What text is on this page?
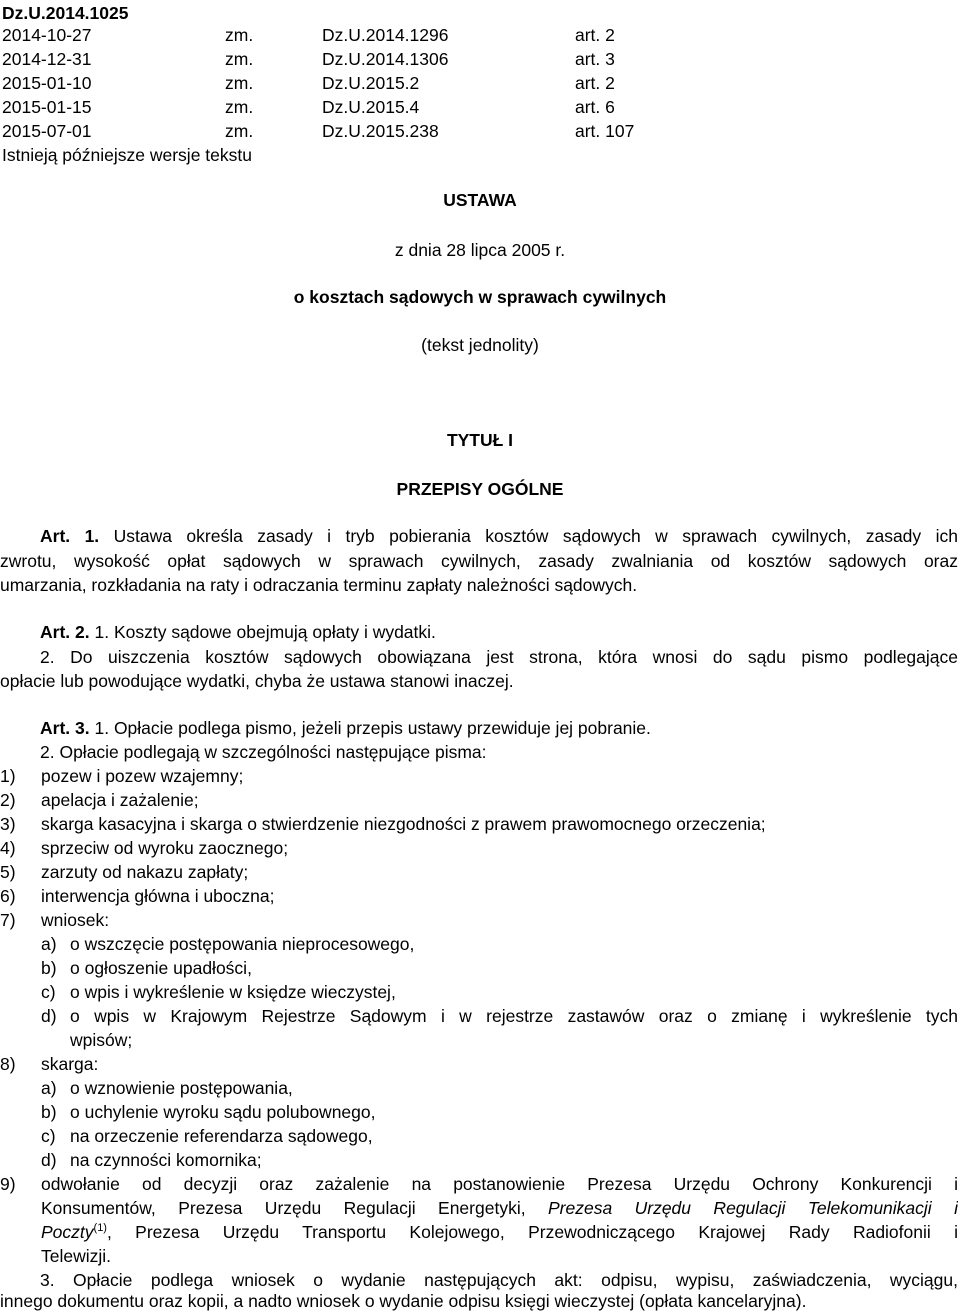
Dz.U.2014.1025
2014-10-27	zm.	Dz.U.2014.1296	art. 2
2014-12-31	zm.	Dz.U.2014.1306	art. 3
2015-01-10	zm.	Dz.U.2015.2	art. 2
2015-01-15	zm.	Dz.U.2015.4	art. 6
2015-07-01	zm.	Dz.U.2015.238	art. 107
Istnieją późniejsze wersje tekstu
USTAWA
z dnia 28 lipca 2005 r.
o kosztach sądowych w sprawach cywilnych
(tekst jednolity)
TYTUŁ I
PRZEPISY OGÓLNE
Art. 1. Ustawa określa zasady i tryb pobierania kosztów sądowych w sprawach cywilnych, zasady ich
zwrotu, wysokość opłat sądowych w sprawach cywilnych, zasady zwalniania od kosztów sądowych oraz
umarzania, rozkładania na raty i odraczania terminu zapłaty należności sądowych.
Art. 2. 1. Koszty sądowe obejmują opłaty i wydatki.
2. Do uiszczenia kosztów sądowych obowiązana jest strona, która wnosi do sądu pismo podlegające
opłacie lub powodujące wydatki, chyba że ustawa stanowi inaczej.
Art. 3. 1. Opłacie podlega pismo, jeżeli przepis ustawy przewiduje jej pobranie.
2. Opłacie podlegają w szczególności następujące pisma:
1) pozew i pozew wzajemny;
2) apelacja i zażalenie;
3) skarga kasacyjna i skarga o stwierdzenie niezgodności z prawem prawomocnego orzeczenia;
4) sprzeciw od wyroku zaocznego;
5) zarzuty od nakazu zapłaty;
6) interwencja główna i uboczna;
7) wniosek:
a) o wszczęcie postępowania nieprocesowego,
b) o ogłoszenie upadłości,
c) o wpis i wykreślenie w księdze wieczystej,
d) o wpis w Krajowym Rejestrze Sądowym i w rejestrze zastawów oraz o zmianę i wykreślenie tych
wpisów;
8) skarga:
a) o wznowienie postępowania,
b) o uchylenie wyroku sądu polubownego,
c) na orzeczenie referendarza sądowego,
d) na czynności komornika;
9) odwołanie od decyzji oraz zażalenie na postanowienie Prezesa Urzędu Ochrony Konkurencji i
Konsumentów, Prezesa Urzędu Regulacji Energetyki, Prezesa Urzędu Regulacji Telekomunikacji i
Poczty$^{(1)}$, Prezesa Urzędu Transportu Kolejowego, Przewodniczącego Krajowej Rady Radiofonii i
Telewizji.
3. Opłacie podlega wniosek o wydanie następujących akt: odpisu, wypisu, zaświadczenia, wyciągu,
innego dokumentu oraz kopii, a nadto wniosek o wydanie odpisu księgi wieczystej (opłata kancelaryjna).
